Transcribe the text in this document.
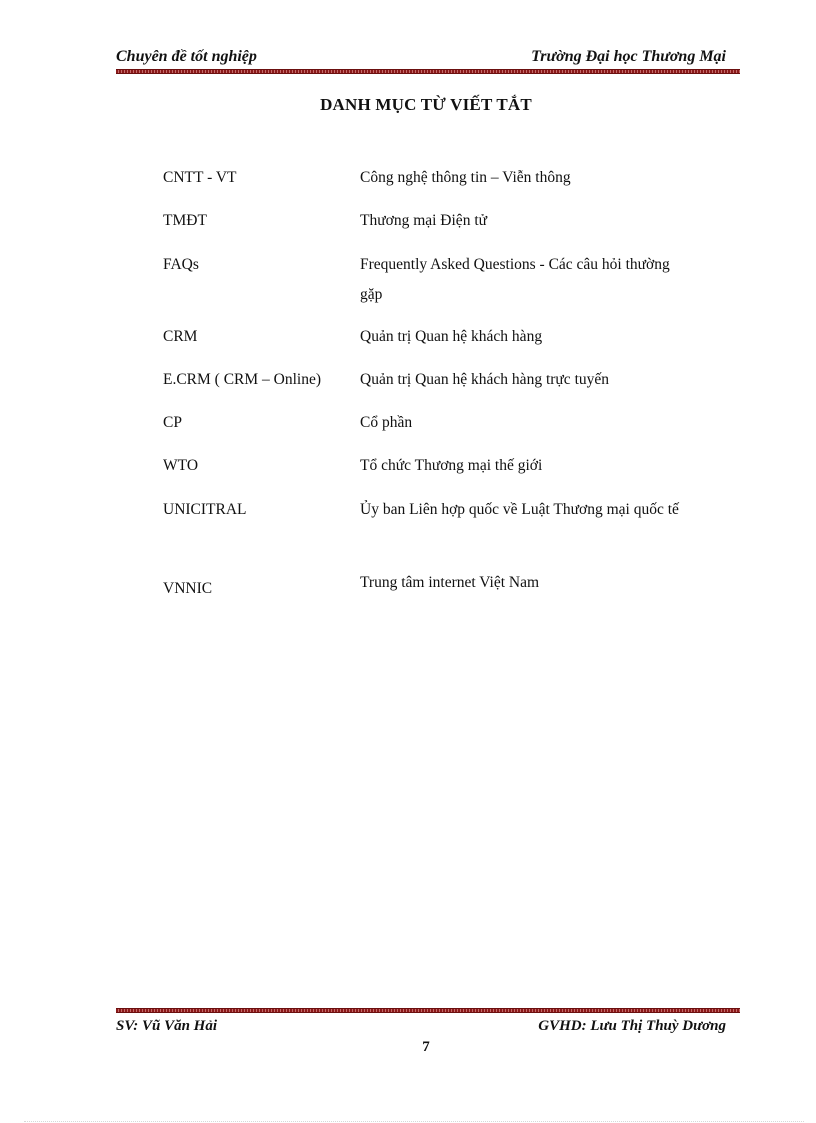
Chuyên đề tốt nghiệp	Trường Đại học Thương Mại
DANH MỤC TỪ VIẾT TẮT
CNTT - VT	Công nghệ thông tin – Viễn thông
TMĐT	Thương mại Điện tử
FAQs	Frequently Asked Questions - Các câu hỏi thường gặp
CRM	Quản trị Quan hệ khách hàng
E.CRM ( CRM – Online)	Quản trị Quan hệ khách hàng trực tuyến
CP	Cổ phần
WTO	Tổ chức Thương mại thế giới
UNICITRAL	Ủy ban Liên hợp quốc về Luật Thương mại quốc tế
VNNIC	Trung tâm internet Việt Nam
SV: Vũ Văn Hải	GVHD: Lưu Thị Thuỳ Dương
7
